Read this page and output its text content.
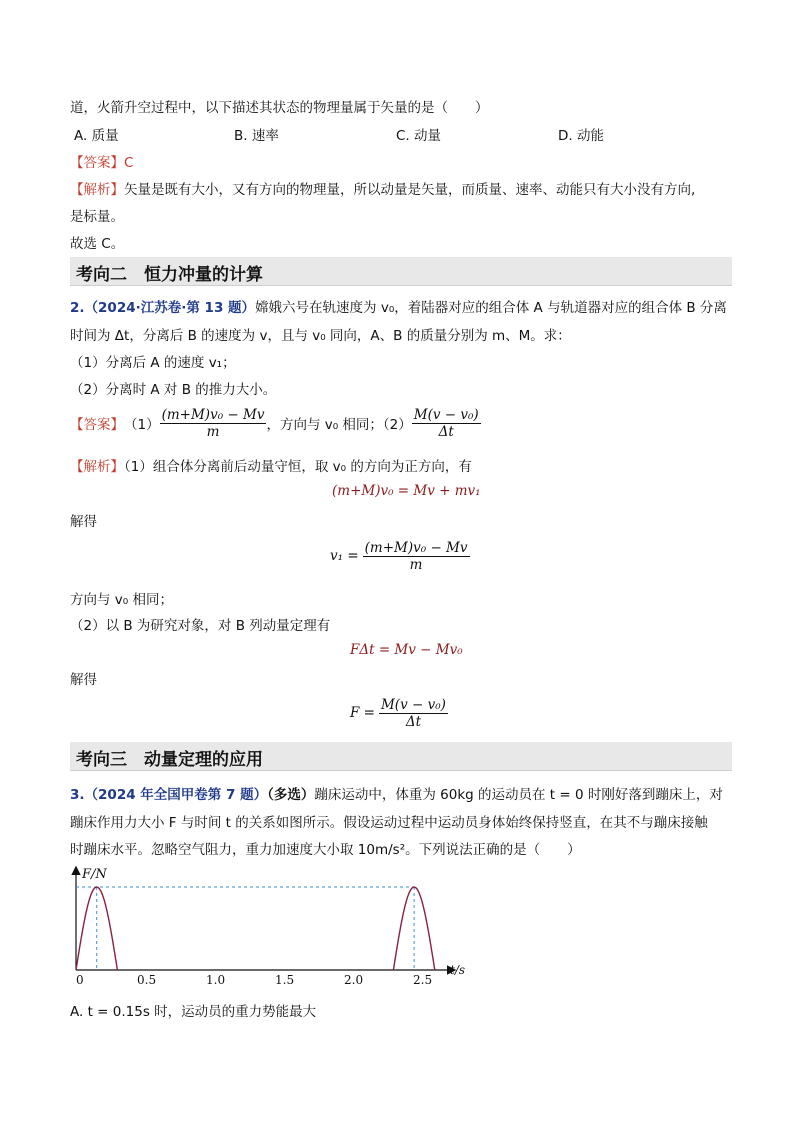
道，火箭升空过程中，以下描述其状态的物理量属于矢量的是（　　）
A. 质量	B. 速率	C. 动量	D. 动能
【答案】C
【解析】矢量是既有大小，又有方向的物理量，所以动量是矢量，而质量、速率、动能只有大小没有方向,
是标量。
故选 C。
考向二　恒力冲量的计算
2.（2024·江苏卷·第 13 题）嫦娥六号在轨速度为 v₀，着陆器对应的组合体 A 与轨道器对应的组合体 B 分离
时间为 Δt，分离后 B 的速度为 v，且与 v₀ 同向，A、B 的质量分别为 m、M。求：
（1）分离后 A 的速度 v₁；
（2）分离时 A 对 B 的推力大小。
【答案】 $(1) \frac{\text{(m+M)v₀ − Mv}}{m}$ ，方向与 v₀ 相同；$(2) \frac{\text{M(v − v₀)}}{\Delta t}$
【解析】（1）组合体分离前后动量守恒，取 v₀ 的方向为正方向，有
(m+M)v₀ = Mv + mv₁
解得
$v_1 = \frac{\text{(m+M)v₀ − Mv}}{m}$
方向与 v₀ 相同；
（2）以 B 为研究对象，对 B 列动量定理有
FΔt = Mv − Mv₀
解得
$F = \frac{\text{M(v − v₀)}}{\Delta t}$
考向三　动量定理的应用
3.（2024 年全国甲卷第 7 题）（多选）蹦床运动中，体重为 60kg 的运动员在 t = 0 时刚好落到蹦床上，对
蹦床作用力大小 F 与时间 t 的关系如图所示。假设运动过程中运动员身体始终保持竖直，在其不与蹦床接触
时蹦床水平。忽略空气阻力，重力加速度大小取 10m/s²。下列说法正确的是（　　）
F/N
t/s
0	0.5	1.0	1.5	2.0	2.5
A. t = 0.15s 时，运动员的重力势能最大
